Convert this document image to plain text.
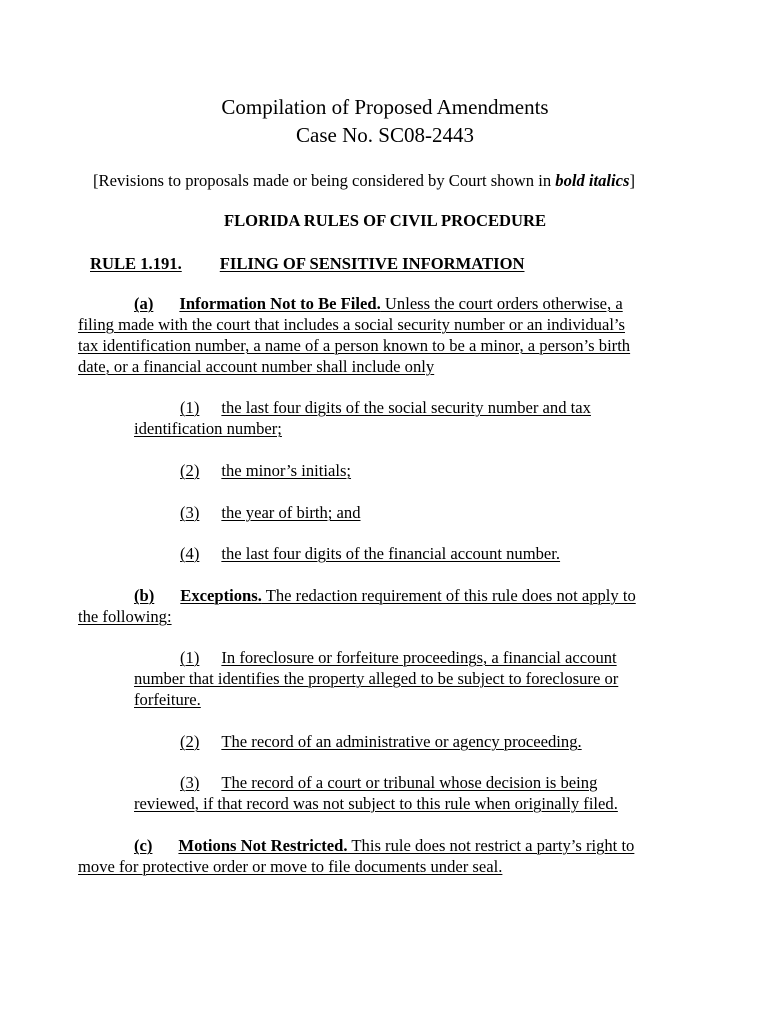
Compilation of Proposed Amendments
Case No. SC08-2443
[Revisions to proposals made or being considered by Court shown in bold italics]
FLORIDA RULES OF CIVIL PROCEDURE
RULE 1.191. FILING OF SENSITIVE INFORMATION
(a) Information Not to Be Filed. Unless the court orders otherwise, a
filing made with the court that includes a social security number or an individual’s
tax identification number, a name of a person known to be a minor, a person’s birth
date, or a financial account number shall include only
(1) the last four digits of the social security number and tax
identification number;
(2) the minor’s initials;
(3) the year of birth; and
(4) the last four digits of the financial account number.
(b) Exceptions. The redaction requirement of this rule does not apply to
the following:
(1) In foreclosure or forfeiture proceedings, a financial account
number that identifies the property alleged to be subject to foreclosure or
forfeiture.
(2) The record of an administrative or agency proceeding.
(3) The record of a court or tribunal whose decision is being
reviewed, if that record was not subject to this rule when originally filed.
(c) Motions Not Restricted. This rule does not restrict a party’s right to
move for protective order or move to file documents under seal.
